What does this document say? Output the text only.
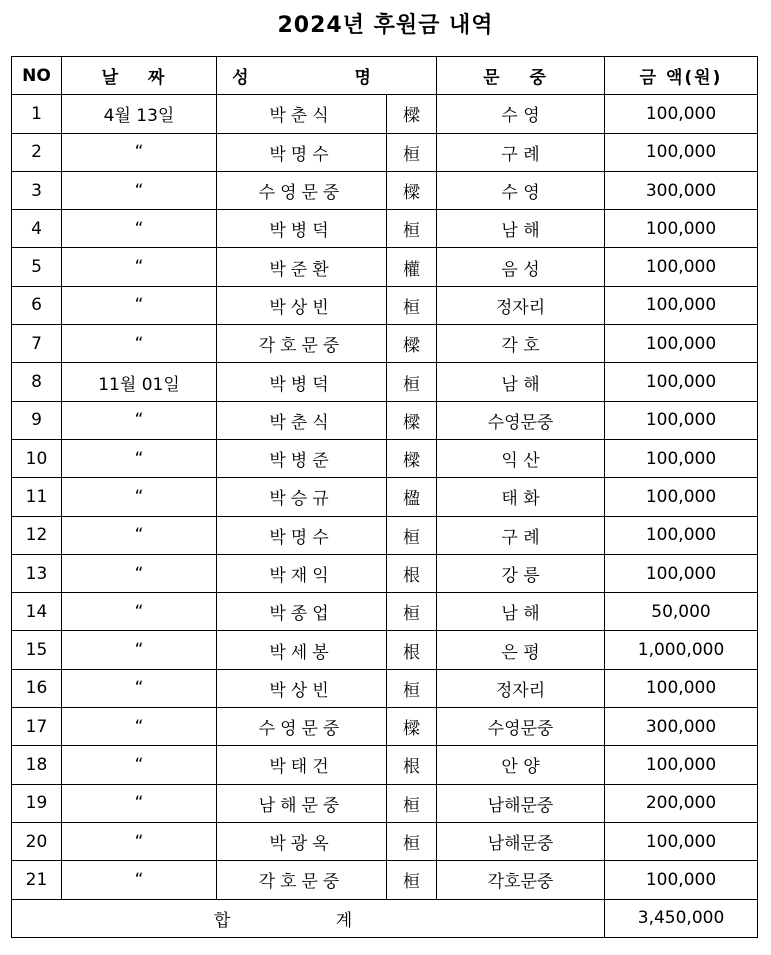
2024년 후원금 내역
NO	날 짜	성 명		문 중	금 액(원)
1	4월 13일	박춘식	樑	수 영	100,000
2	“	박명수	桓	구 례	100,000
3	“	수영문중	樑	수 영	300,000
4	“	박병덕	桓	남 해	100,000
5	“	박준환	權	음 성	100,000
6	“	박상빈	桓	정자리	100,000
7	“	각호문중	樑	각 호	100,000
8	11월 01일	박병덕	桓	남 해	100,000
9	“	박춘식	樑	수영문중	100,000
10	“	박병준	樑	익 산	100,000
11	“	박승규	楹	태 화	100,000
12	“	박명수	桓	구 례	100,000
13	“	박재익	根	강 릉	100,000
14	“	박종업	桓	남 해	50,000
15	“	박세봉	根	은 평	1,000,000
16	“	박상빈	桓	정자리	100,000
17	“	수영문중	樑	수영문중	300,000
18	“	박태건	根	안 양	100,000
19	“	남해문중	桓	남해문중	200,000
20	“	박광옥	桓	남해문중	100,000
21	“	각호문중	桓	각호문중	100,000
합 계					3,450,000
